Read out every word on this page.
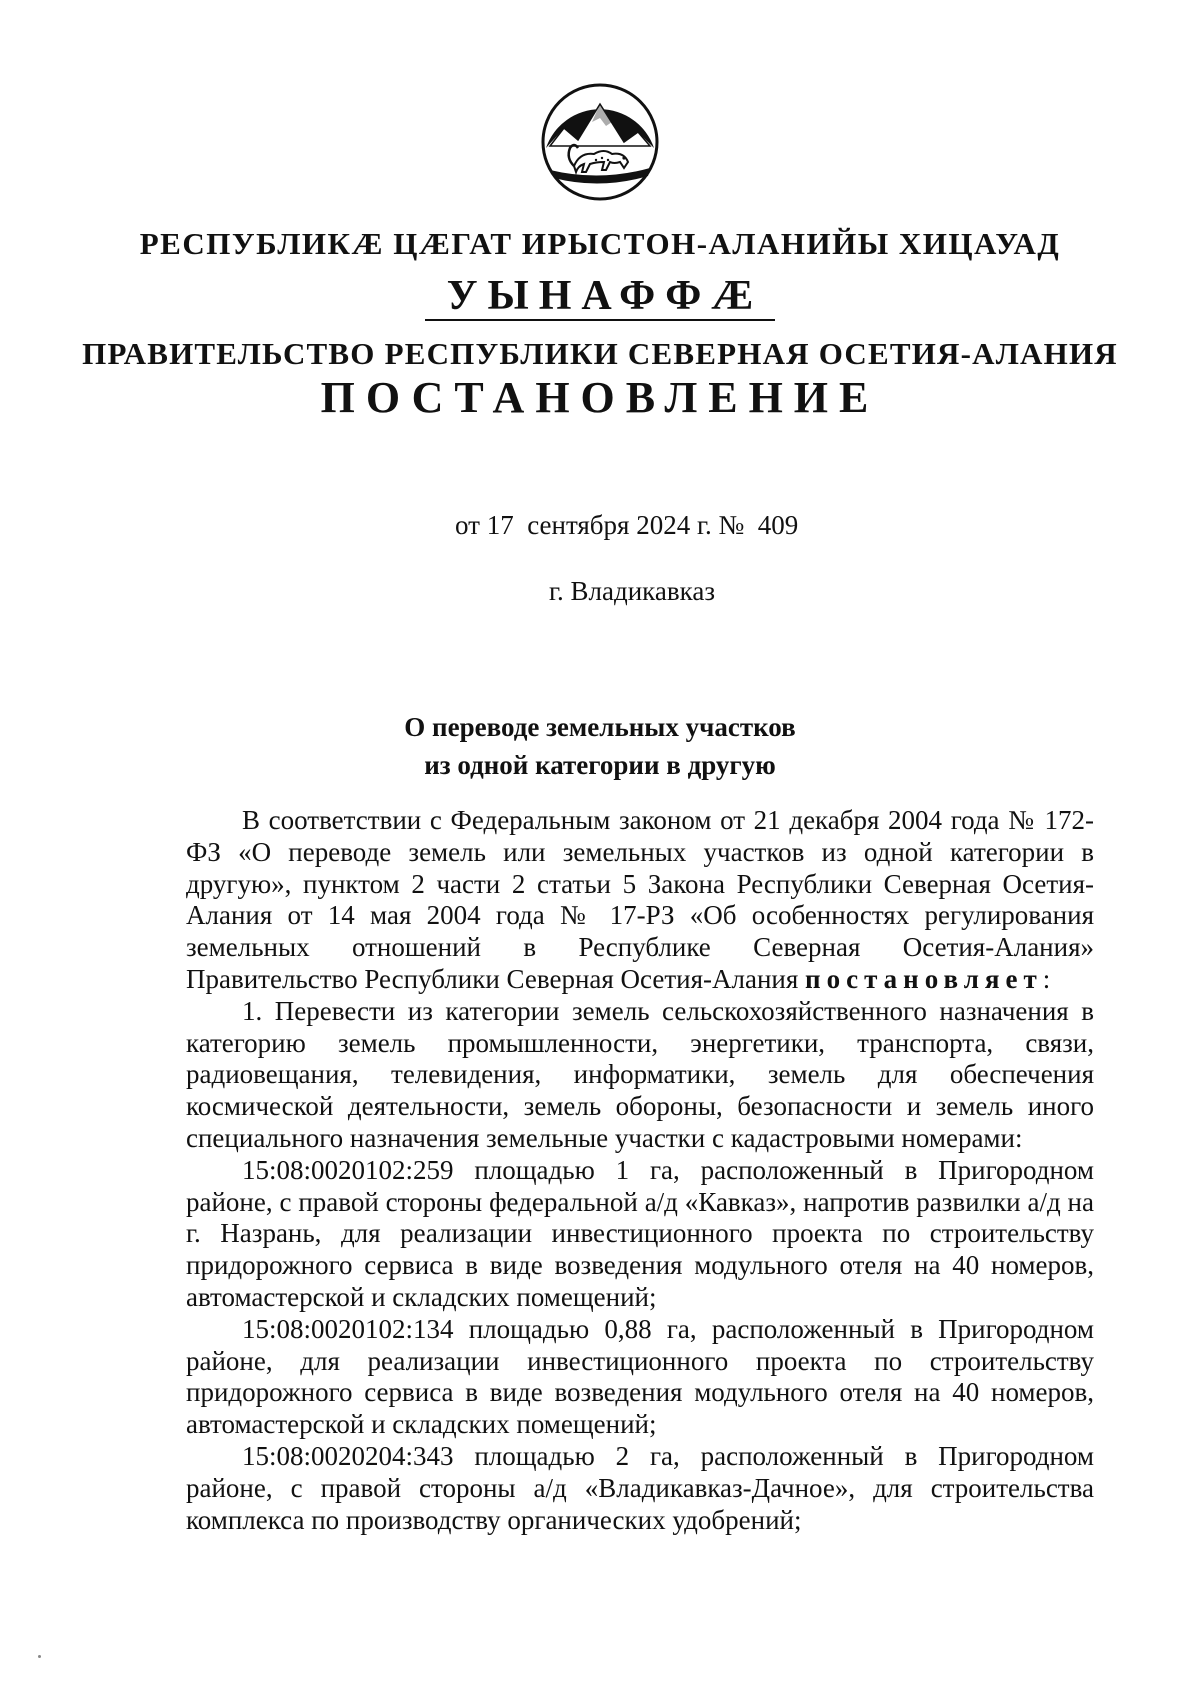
РЕСПУБЛИКÆ ЦÆГАТ ИРЫСТОН-АЛАНИЙЫ ХИЦАУАД
УЫНАФФÆ
ПРАВИТЕЛЬСТВО РЕСПУБЛИКИ СЕВЕРНАЯ ОСЕТИЯ-АЛАНИЯ
ПОСТАНОВЛЕНИЕ
от 17  сентября 2024 г. №  409
г. Владикавказ
О переводе земельных участков
из одной категории в другую

В соответствии с Федеральным законом от 21 декабря 2004 года № 172-ФЗ «О переводе земель или земельных участков из одной категории в другую», пунктом 2 части 2 статьи 5 Закона Республики Северная Осетия-Алания от 14 мая 2004 года № 17-РЗ «Об особенностях регулирования земельных отношений в Республике Северная Осетия-Алания» Правительство Республики Северная Осетия-Алания постановляет:

1. Перевести из категории земель сельскохозяйственного назначения в категорию земель промышленности, энергетики, транспорта, связи, радиовещания, телевидения, информатики, земель для обеспечения космической деятельности, земель обороны, безопасности и земель иного специального назначения земельные участки с кадастровыми номерами:

15:08:0020102:259 площадью 1 га, расположенный в Пригородном районе, с правой стороны федеральной а/д «Кавказ», напротив развилки а/д на г. Назрань, для реализации инвестиционного проекта по строительству придорожного сервиса в виде возведения модульного отеля на 40 номеров, автомастерской и складских помещений;

15:08:0020102:134 площадью 0,88 га, расположенный в Пригородном районе, для реализации инвестиционного проекта по строительству придорожного сервиса в виде возведения модульного отеля на 40 номеров, автомастерской и складских помещений;

15:08:0020204:343 площадью 2 га, расположенный в Пригородном районе, с правой стороны а/д «Владикавказ-Дачное», для строительства комплекса по производству органических удобрений;
